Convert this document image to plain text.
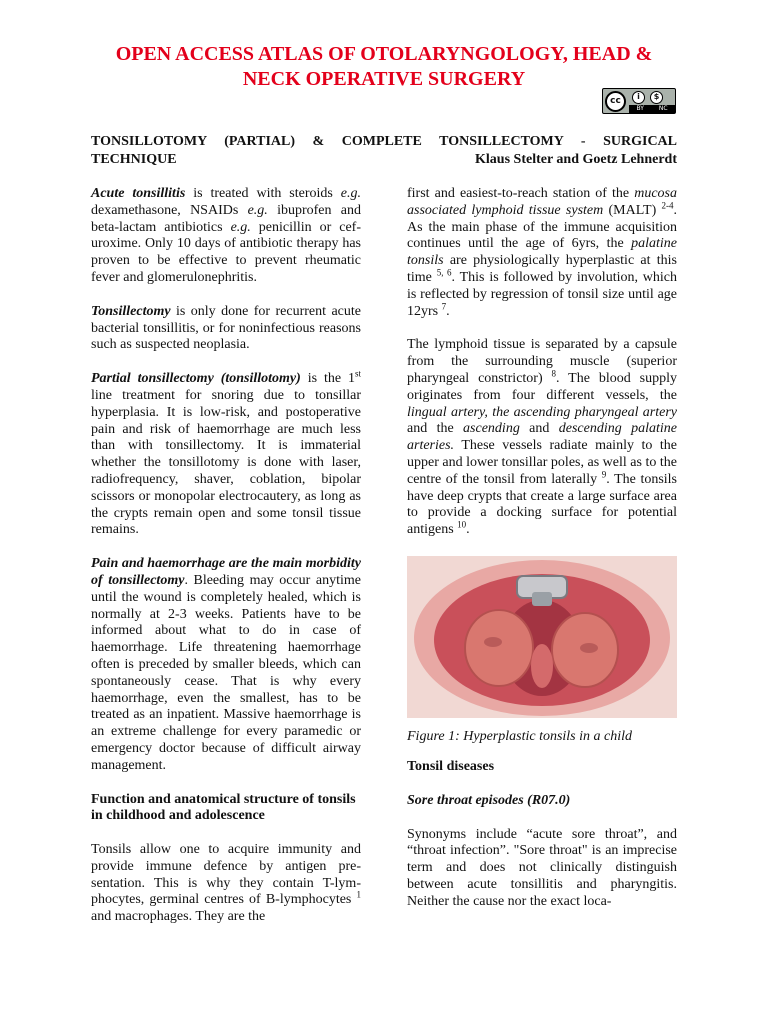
OPEN ACCESS ATLAS OF OTOLARYNGOLOGY, HEAD &
NECK OPERATIVE SURGERY
cc	i	$
BY NC
TONSILLOTOMY (PARTIAL) & COMPLETE TONSILLECTOMY - SURGICAL
TECHNIQUE	Klaus Stelter and Goetz Lehnerdt

Acute tonsillitis is treated with steroids e.g. dexamethasone, NSAIDs e.g. ibuprofen and beta-lactam antibiotics e.g. penicillin or cefuroxime. Only 10 days of antibiotic therapy has proven to be effective to prevent rheumatic fever and glomerulonephritis.

Tonsillectomy is only done for recurrent acute bacterial tonsillitis, or for noninfectious reasons such as suspected neoplasia.

Partial tonsillectomy (tonsillotomy) is the 1st line treatment for snoring due to tonsillar hyperplasia. It is low-risk, and postoperative pain and risk of haemorrhage are much less than with tonsillectomy. It is immaterial whether the tonsillotomy is done with laser, radiofrequency, shaver, coblation, bipolar scissors or monopolar electrocautery, as long as the crypts remain open and some tonsil tissue remains.

Pain and haemorrhage are the main morbidity of tonsillectomy. Bleeding may occur anytime until the wound is completely healed, which is normally at 2-3 weeks. Patients have to be informed about what to do in case of haemorrhage. Life threatening haemorrhage often is preceded by smaller bleeds, which can spontaneously cease. That is why every haemorrhage, even the smallest, has to be treated as an inpatient. Massive haemorrhage is an extreme challenge for every paramedic or emergency doctor because of difficult airway management.

Function and anatomical structure of tonsils in childhood and adolescence

Tonsils allow one to acquire immunity and provide immune defence by antigen presentation. This is why they contain T-lymphocytes, germinal centres of B-lymphocytes $^1$ and macrophages. They are the

first and easiest-to-reach station of the mucosa associated lymphoid tissue system (MALT) $^{2-4}$. As the main phase of the immune acquisition continues until the age of 6yrs, the palatine tonsils are physiologically hyperplastic at this time $^{5, 6}$. This is followed by involution, which is reflected by regression of tonsil size until age 12yrs $^7$.

The lymphoid tissue is separated by a capsule from the surrounding muscle (superior pharyngeal constrictor) $^8$. The blood supply originates from four different vessels, the lingual artery, the ascending pharyngeal artery and the ascending and descending palatine arteries. These vessels radiate mainly to the upper and lower tonsillar poles, as well as to the centre of the tonsil from laterally $^9$. The tonsils have deep crypts that create a large surface area to provide a docking surface for potential antigens $^{10}$.

Figure 1: Hyperplastic tonsils in a child

Tonsil diseases

Sore throat episodes (R07.0)

Synonyms include “acute sore throat”, and “throat infection”. "Sore throat" is an imprecise term and does not clinically distinguish between acute tonsillitis and pharyngitis. Neither the cause nor the exact loca-
